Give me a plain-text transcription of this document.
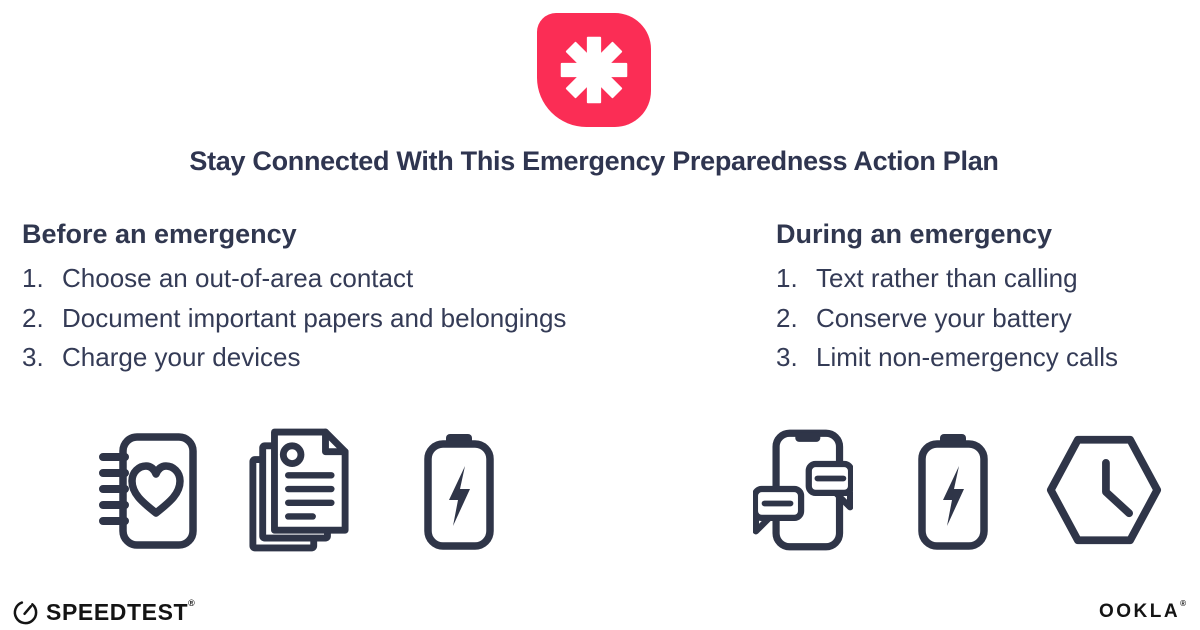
Stay Connected With This Emergency Preparedness Action Plan
Before an emergency
1. Choose an out-of-area contact
2. Document important papers and belongings
3. Charge your devices
During an emergency
1. Text rather than calling
2. Conserve your battery
3. Limit non-emergency calls
SPEEDTEST®	OOKLA®
